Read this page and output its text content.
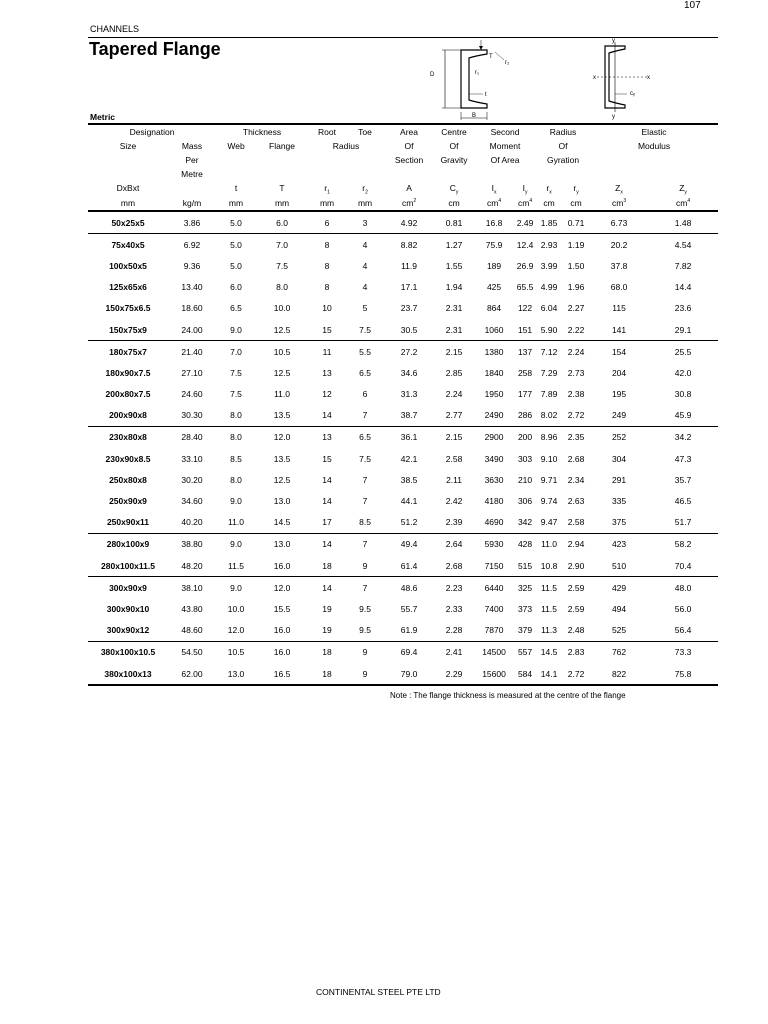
107
CHANNELS
Tapered Flange
D
T
r₂
r₁
t
B
y
y
x	x
cᵧ
Metric
Designation		Thickness		Root	Toe	Area	Centre	Second		Radius		Elastic	
Size	Mass	Web	Flange	Radius		Of	Of	Moment		Of		Modulus	
	Per					Section	Gravity	Of Area		Gyration			
	Metre												
DxBxt		t	T	$r_1$	$r_2$	A	$C_y$	$I_x$	$I_y$	$r_x$	$r_y$	$Z_x$	$Z_y$
mm	kg/m	mm	mm	mm	mm	$cm^2$	cm	$cm^4$	$cm^4$	cm	cm	$cm^3$	$cm^4$
50x25x5	3.86	5.0	6.0	6	3	4.92	0.81	16.8	2.49	1.85	0.71	6.73	1.48
75x40x5	6.92	5.0	7.0	8	4	8.82	1.27	75.9	12.4	2.93	1.19	20.2	4.54
100x50x5	9.36	5.0	7.5	8	4	11.9	1.55	189	26.9	3.99	1.50	37.8	7.82
125x65x6	13.40	6.0	8.0	8	4	17.1	1.94	425	65.5	4.99	1.96	68.0	14.4
150x75x6.5	18.60	6.5	10.0	10	5	23.7	2.31	864	122	6.04	2.27	115	23.6
150x75x9	24.00	9.0	12.5	15	7.5	30.5	2.31	1060	151	5.90	2.22	141	29.1
180x75x7	21.40	7.0	10.5	11	5.5	27.2	2.15	1380	137	7.12	2.24	154	25.5
180x90x7.5	27.10	7.5	12.5	13	6.5	34.6	2.85	1840	258	7.29	2.73	204	42.0
200x80x7.5	24.60	7.5	11.0	12	6	31.3	2.24	1950	177	7.89	2.38	195	30.8
200x90x8	30.30	8.0	13.5	14	7	38.7	2.77	2490	286	8.02	2.72	249	45.9
230x80x8	28.40	8.0	12.0	13	6.5	36.1	2.15	2900	200	8.96	2.35	252	34.2
230x90x8.5	33.10	8.5	13.5	15	7.5	42.1	2.58	3490	303	9.10	2.68	304	47.3
250x80x8	30.20	8.0	12.5	14	7	38.5	2.11	3630	210	9.71	2.34	291	35.7
250x90x9	34.60	9.0	13.0	14	7	44.1	2.42	4180	306	9.74	2.63	335	46.5
250x90x11	40.20	11.0	14.5	17	8.5	51.2	2.39	4690	342	9.47	2.58	375	51.7
280x100x9	38.80	9.0	13.0	14	7	49.4	2.64	5930	428	11.0	2.94	423	58.2
280x100x11.5	48.20	11.5	16.0	18	9	61.4	2.68	7150	515	10.8	2.90	510	70.4
300x90x9	38.10	9.0	12.0	14	7	48.6	2.23	6440	325	11.5	2.59	429	48.0
300x90x10	43.80	10.0	15.5	19	9.5	55.7	2.33	7400	373	11.5	2.59	494	56.0
300x90x12	48.60	12.0	16.0	19	9.5	61.9	2.28	7870	379	11.3	2.48	525	56.4
380x100x10.5	54.50	10.5	16.0	18	9	69.4	2.41	14500	557	14.5	2.83	762	73.3
380x100x13	62.00	13.0	16.5	18	9	79.0	2.29	15600	584	14.1	2.72	822	75.8
Note : The flange thickness is measured at the centre of the flange
CONTINENTAL STEEL PTE LTD
